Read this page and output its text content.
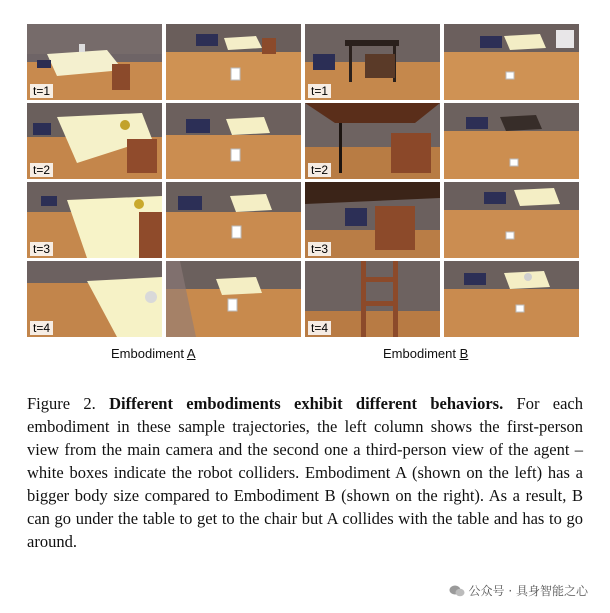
t=1
t=2
t=3
t=4
t=1
t=2
t=3
t=4
Embodiment A	Embodiment B
Figure 2. Different embodiments exhibit different behaviors. For each embodiment in these sample trajectories, the left column shows the first-person view from the main camera and the second one a third-person view of the agent –white boxes indicate the robot colliders. Embodiment A (shown on the left) has a bigger body size compared to Embodiment B (shown on the right). As a result, B can go under the table to get to the chair but A collides with the table and has to go around.
公众号 · 具身智能之心
